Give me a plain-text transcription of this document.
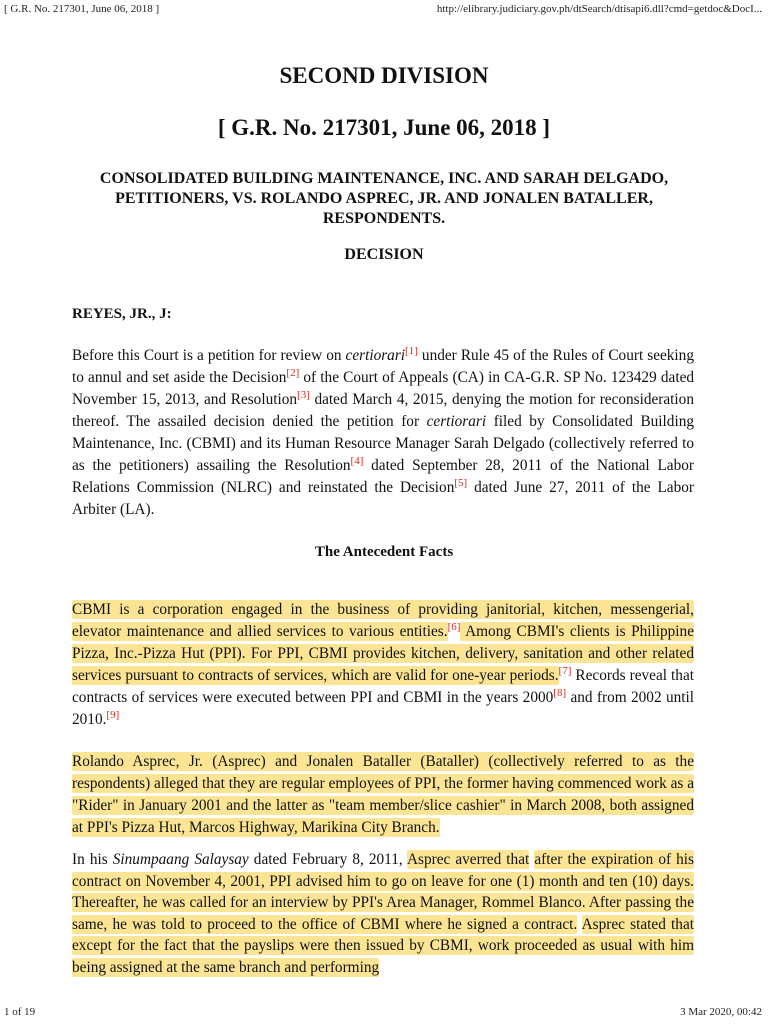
[ G.R. No. 217301, June 06, 2018 ]	http://elibrary.judiciary.gov.ph/dtSearch/dtisapi6.dll?cmd=getdoc&DocI...
SECOND DIVISION
[ G.R. No. 217301, June 06, 2018 ]
CONSOLIDATED BUILDING MAINTENANCE, INC. AND SARAH DELGADO, PETITIONERS, VS. ROLANDO ASPREC, JR. AND JONALEN BATALLER, RESPONDENTS.
DECISION
REYES, JR., J:
Before this Court is a petition for review on certiorari[1] under Rule 45 of the Rules of Court seeking to annul and set aside the Decision[2] of the Court of Appeals (CA) in CA-G.R. SP No. 123429 dated November 15, 2013, and Resolution[3] dated March 4, 2015, denying the motion for reconsideration thereof. The assailed decision denied the petition for certiorari filed by Consolidated Building Maintenance, Inc. (CBMI) and its Human Resource Manager Sarah Delgado (collectively referred to as the petitioners) assailing the Resolution[4] dated September 28, 2011 of the National Labor Relations Commission (NLRC) and reinstated the Decision[5] dated June 27, 2011 of the Labor Arbiter (LA).
The Antecedent Facts
CBMI is a corporation engaged in the business of providing janitorial, kitchen, messengerial, elevator maintenance and allied services to various entities.[6] Among CBMI's clients is Philippine Pizza, Inc.-Pizza Hut (PPI). For PPI, CBMI provides kitchen, delivery, sanitation and other related services pursuant to contracts of services, which are valid for one-year periods.[7] Records reveal that contracts of services were executed between PPI and CBMI in the years 2000[8] and from 2002 until 2010.[9]
Rolando Asprec, Jr. (Asprec) and Jonalen Bataller (Bataller) (collectively referred to as the respondents) alleged that they are regular employees of PPI, the former having commenced work as a "Rider" in January 2001 and the latter as "team member/slice cashier" in March 2008, both assigned at PPI's Pizza Hut, Marcos Highway, Marikina City Branch.
In his Sinumpaang Salaysay dated February 8, 2011, Asprec averred that after the expiration of his contract on November 4, 2001, PPI advised him to go on leave for one (1) month and ten (10) days. Thereafter, he was called for an interview by PPI's Area Manager, Rommel Blanco. After passing the same, he was told to proceed to the office of CBMI where he signed a contract. Asprec stated that except for the fact that the payslips were then issued by CBMI, work proceeded as usual with him being assigned at the same branch and performing
1 of 19	3 Mar 2020, 00:42
